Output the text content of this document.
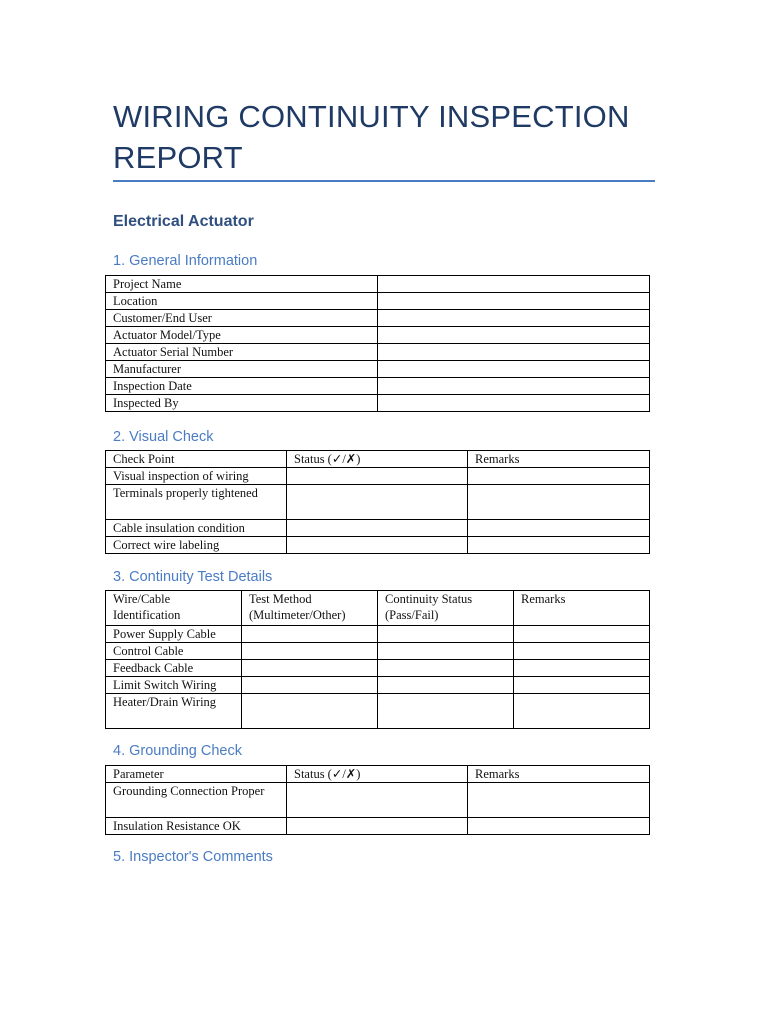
WIRING CONTINUITY INSPECTION REPORT
Electrical Actuator
1. General Information
Project Name	
Location	
Customer/End User	
Actuator Model/Type	
Actuator Serial Number	
Manufacturer	
Inspection Date	
Inspected By	
2. Visual Check
Check Point	Status (✓/✗)	Remarks
Visual inspection of wiring		
Terminals properly tightened		
Cable insulation condition		
Correct wire labeling		
3. Continuity Test Details
Wire/Cable Identification	Test Method (Multimeter/Other)	Continuity Status (Pass/Fail)	Remarks
Power Supply Cable			
Control Cable			
Feedback Cable			
Limit Switch Wiring			
Heater/Drain Wiring			
4. Grounding Check
Parameter	Status (✓/✗)	Remarks
Grounding Connection Proper		
Insulation Resistance OK		
5. Inspector's Comments
